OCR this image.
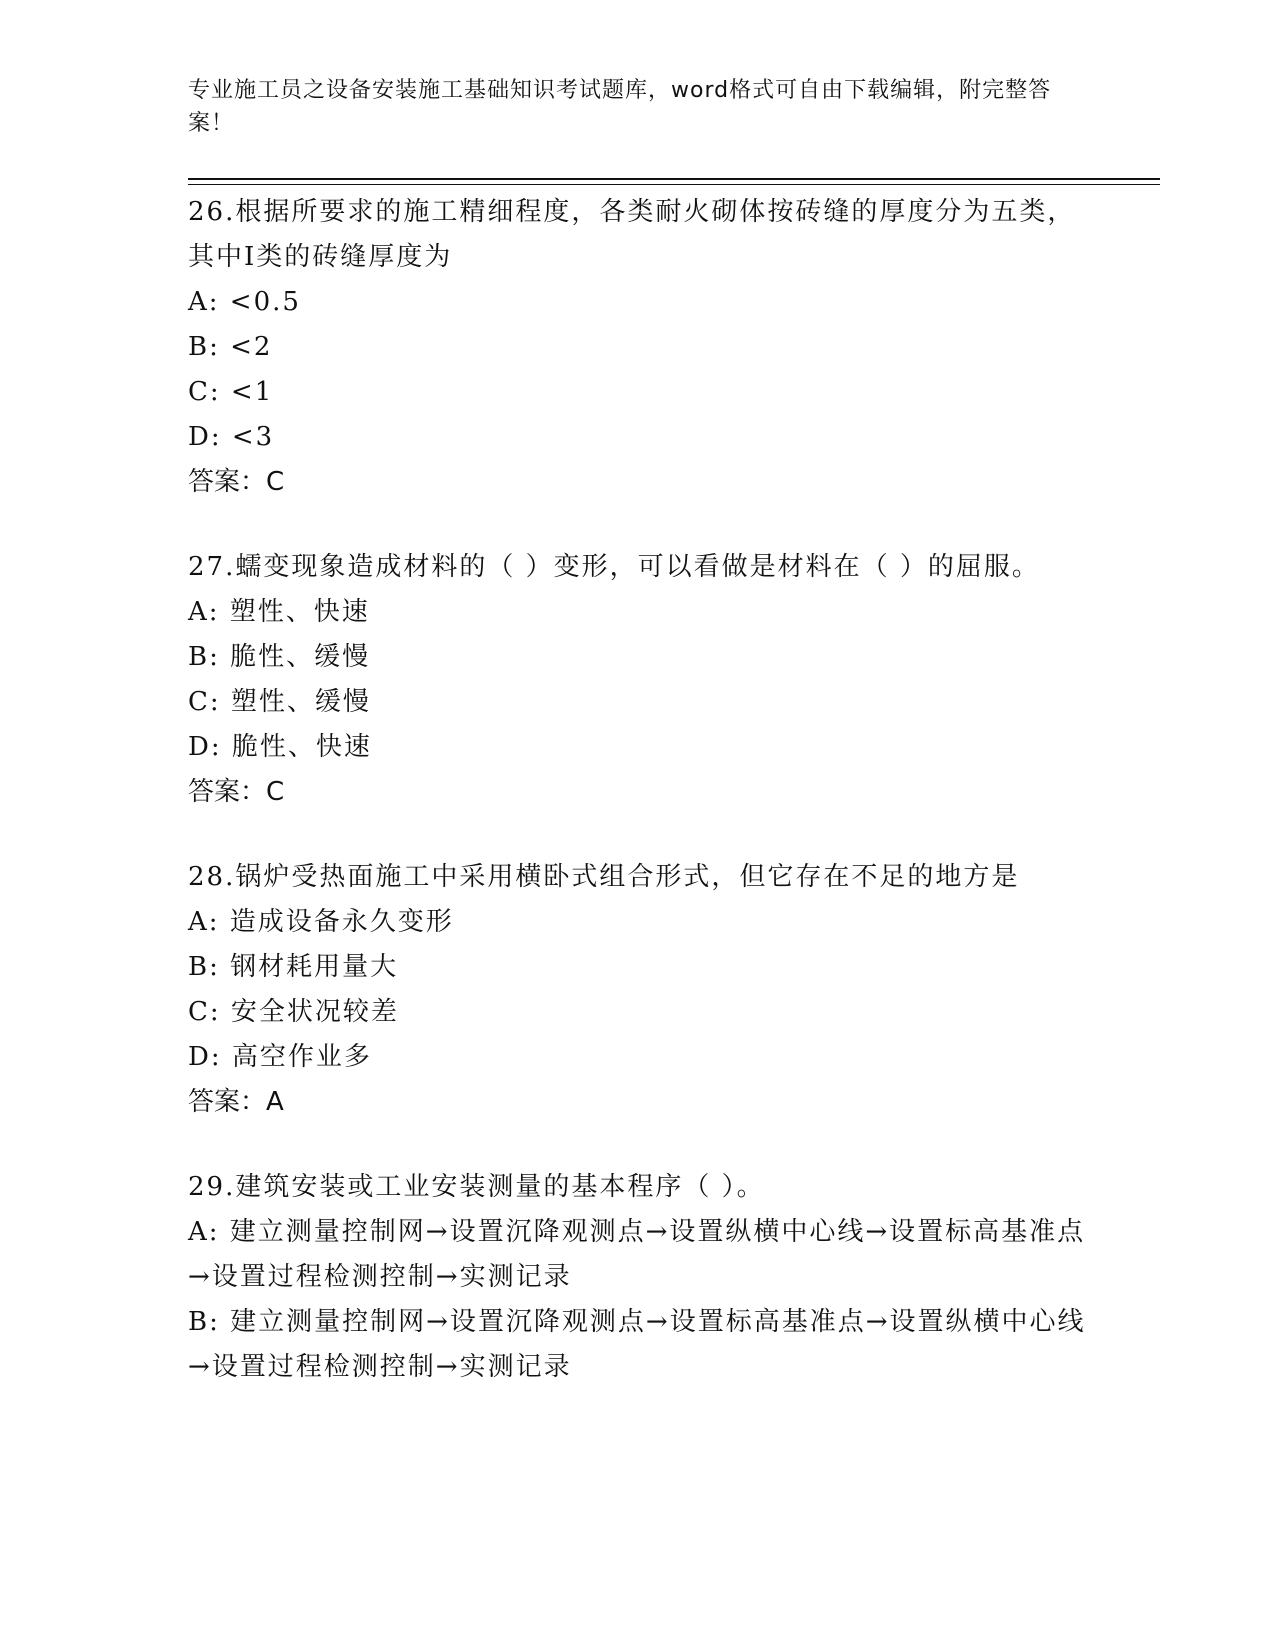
专业施工员之设备安装施工基础知识考试题库，word格式可自由下载编辑，附完整答案！
26.根据所要求的施工精细程度，各类耐火砌体按砖缝的厚度分为五类，其中Ⅰ类的砖缝厚度为
A: <0.5
B: <2
C: <1
D: <3
答案：C
27.蠕变现象造成材料的（ ）变形，可以看做是材料在（ ）的屈服。
A: 塑性、快速
B: 脆性、缓慢
C: 塑性、缓慢
D: 脆性、快速
答案：C
28.锅炉受热面施工中采用横卧式组合形式，但它存在不足的地方是
A: 造成设备永久变形
B: 钢材耗用量大
C: 安全状况较差
D: 高空作业多
答案：A
29.建筑安装或工业安装测量的基本程序（ ）。
A: 建立测量控制网→设置沉降观测点→设置纵横中心线→设置标高基准点→设置过程检测控制→实测记录
B: 建立测量控制网→设置沉降观测点→设置标高基准点→设置纵横中心线→设置过程检测控制→实测记录
